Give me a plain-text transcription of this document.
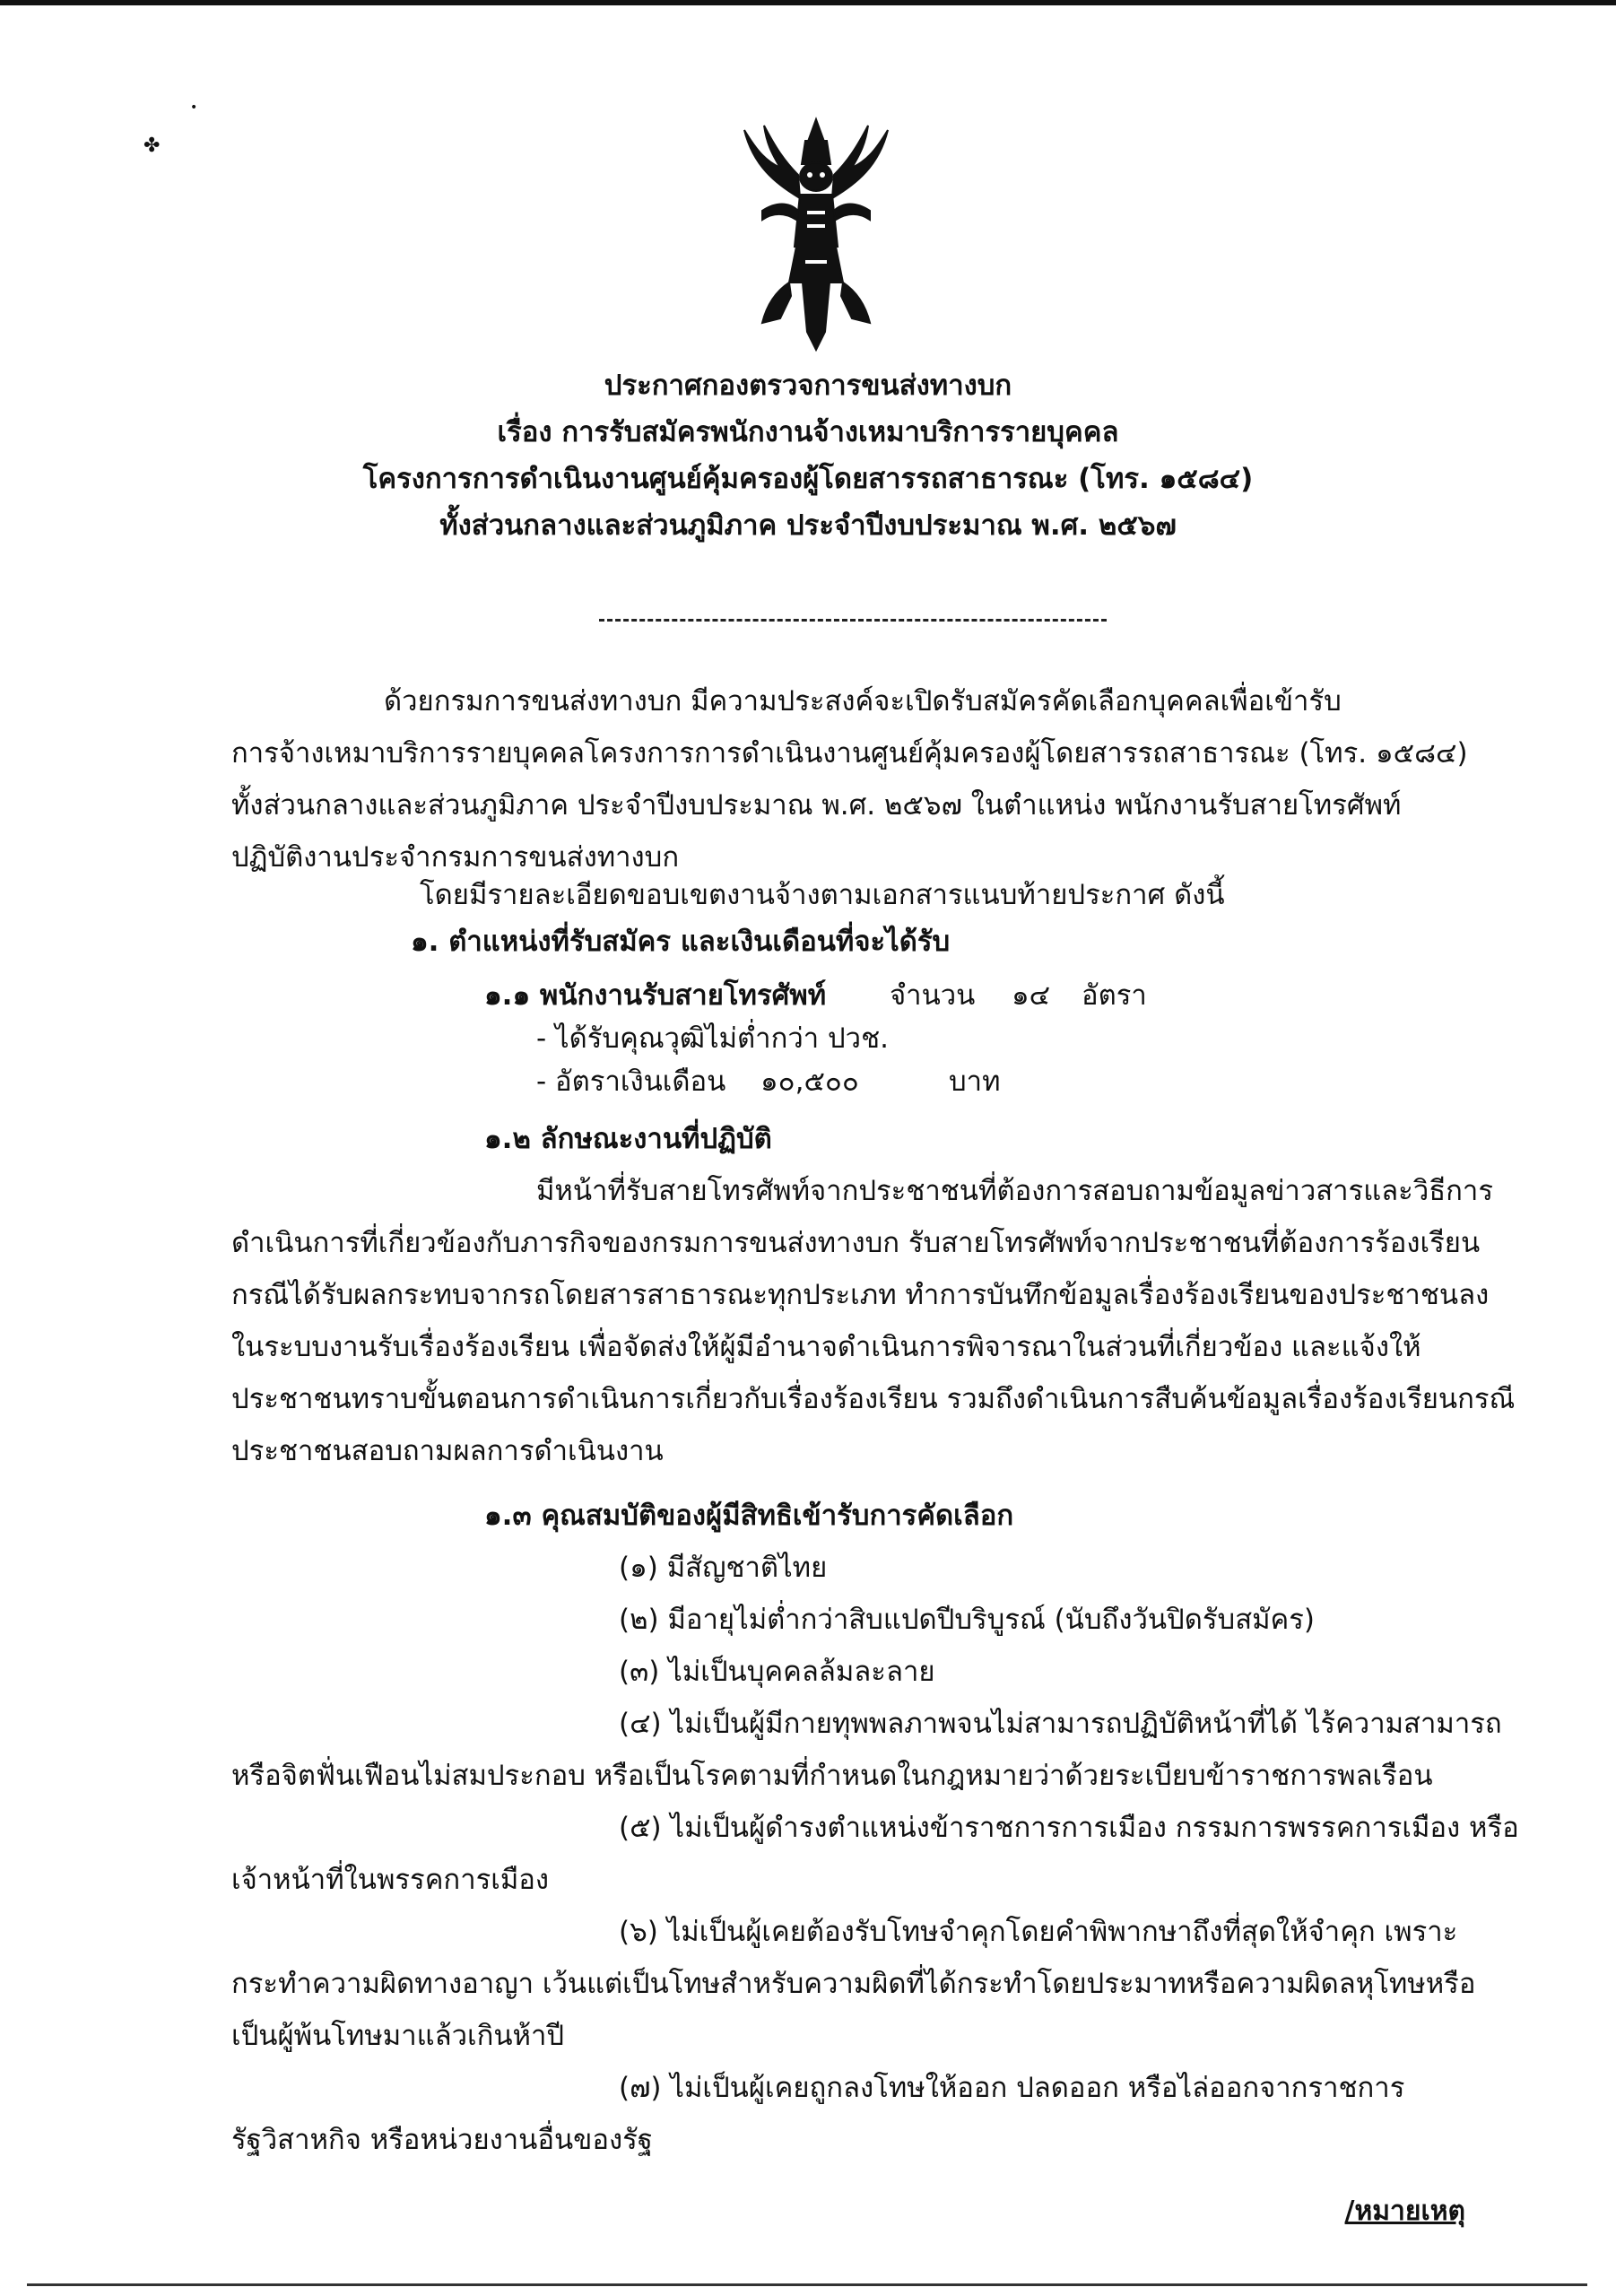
✤
•
ประกาศกองตรวจการขนส่งทางบก
เรื่อง การรับสมัครพนักงานจ้างเหมาบริการรายบุคคล
โครงการการดำเนินงานศูนย์คุ้มครองผู้โดยสารรถสาธารณะ (โทร. ๑๕๘๔)
ทั้งส่วนกลางและส่วนภูมิภาค ประจำปีงบประมาณ พ.ศ. ๒๕๖๗
ด้วยกรมการขนส่งทางบก มีความประสงค์จะเปิดรับสมัครคัดเลือกบุคคลเพื่อเข้ารับ
การจ้างเหมาบริการรายบุคคลโครงการการดำเนินงานศูนย์คุ้มครองผู้โดยสารรถสาธารณะ (โทร. ๑๕๘๔)
ทั้งส่วนกลางและส่วนภูมิภาค ประจำปีงบประมาณ พ.ศ. ๒๕๖๗ ในตำแหน่ง พนักงานรับสายโทรศัพท์
ปฏิบัติงานประจำกรมการขนส่งทางบก
โดยมีรายละเอียดขอบเขตงานจ้างตามเอกสารแนบท้ายประกาศ ดังนี้
๑. ตำแหน่งที่รับสมัคร และเงินเดือนที่จะได้รับ
๑.๑ พนักงานรับสายโทรศัพท์ จำนวน ๑๔ อัตรา
- ได้รับคุณวุฒิไม่ต่ำกว่า ปวช.
- อัตราเงินเดือน ๑๐,๕๐๐	บาท
๑.๒ ลักษณะงานที่ปฏิบัติ
มีหน้าที่รับสายโทรศัพท์จากประชาชนที่ต้องการสอบถามข้อมูลข่าวสารและวิธีการ
ดำเนินการที่เกี่ยวข้องกับภารกิจของกรมการขนส่งทางบก รับสายโทรศัพท์จากประชาชนที่ต้องการร้องเรียน
กรณีได้รับผลกระทบจากรถโดยสารสาธารณะทุกประเภท ทำการบันทึกข้อมูลเรื่องร้องเรียนของประชาชนลง
ในระบบงานรับเรื่องร้องเรียน เพื่อจัดส่งให้ผู้มีอำนาจดำเนินการพิจารณาในส่วนที่เกี่ยวข้อง และแจ้งให้
ประชาชนทราบขั้นตอนการดำเนินการเกี่ยวกับเรื่องร้องเรียน รวมถึงดำเนินการสืบค้นข้อมูลเรื่องร้องเรียนกรณี
ประชาชนสอบถามผลการดำเนินงาน
๑.๓ คุณสมบัติของผู้มีสิทธิเข้ารับการคัดเลือก
(๑) มีสัญชาติไทย
(๒) มีอายุไม่ต่ำกว่าสิบแปดปีบริบูรณ์ (นับถึงวันปิดรับสมัคร)
(๓) ไม่เป็นบุคคลล้มละลาย
(๔) ไม่เป็นผู้มีกายทุพพลภาพจนไม่สามารถปฏิบัติหน้าที่ได้ ไร้ความสามารถ
หรือจิตฟั่นเฟือนไม่สมประกอบ หรือเป็นโรคตามที่กำหนดในกฎหมายว่าด้วยระเบียบข้าราชการพลเรือน
(๕) ไม่เป็นผู้ดำรงตำแหน่งข้าราชการการเมือง กรรมการพรรคการเมือง หรือ
เจ้าหน้าที่ในพรรคการเมือง
(๖) ไม่เป็นผู้เคยต้องรับโทษจำคุกโดยคำพิพากษาถึงที่สุดให้จำคุก เพราะ
กระทำความผิดทางอาญา เว้นแต่เป็นโทษสำหรับความผิดที่ได้กระทำโดยประมาทหรือความผิดลหุโทษหรือ
เป็นผู้พ้นโทษมาแล้วเกินห้าปี
(๗) ไม่เป็นผู้เคยถูกลงโทษให้ออก ปลดออก หรือไล่ออกจากราชการ
รัฐวิสาหกิจ หรือหน่วยงานอื่นของรัฐ
/หมายเหตุ
